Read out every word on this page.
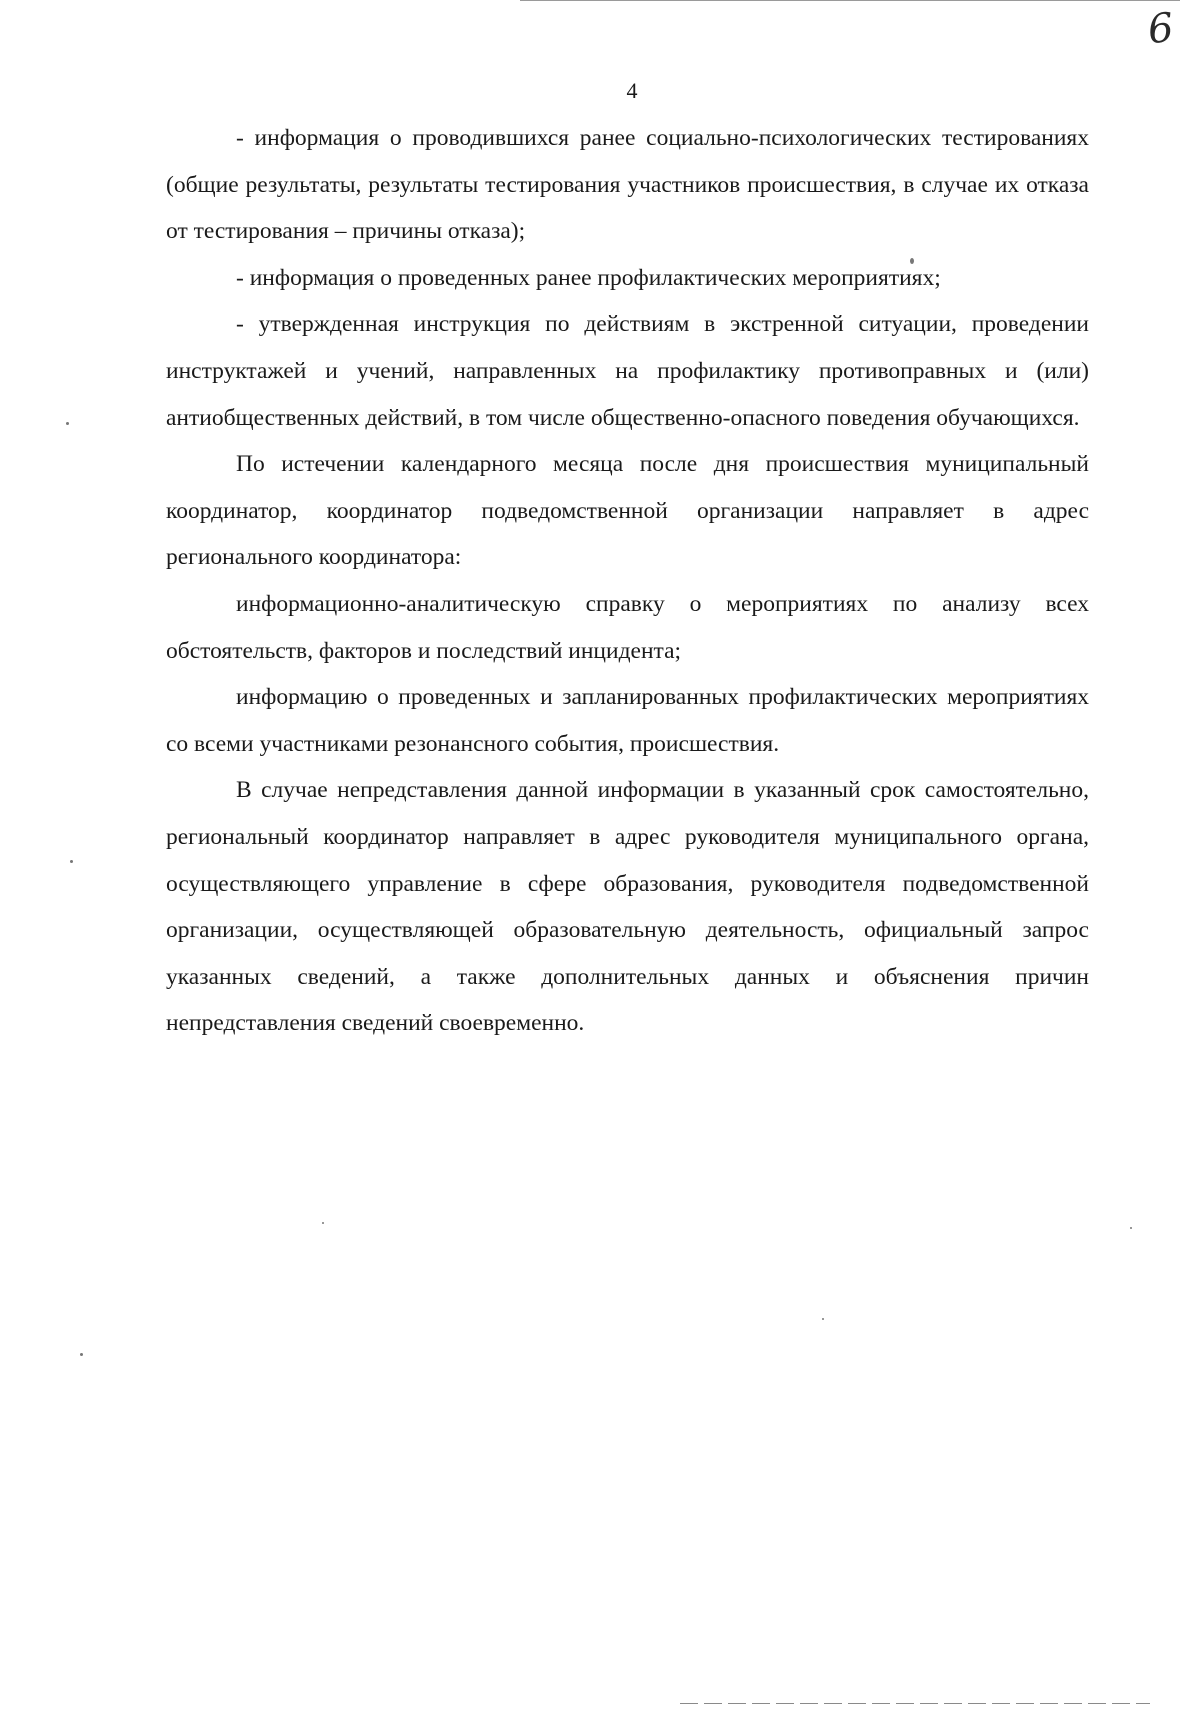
6
4

- информация о проводившихся ранее социально-психологических тестированиях (общие результаты, результаты тестирования участников происшествия, в случае их отказа от тестирования – причины отказа);

- информация о проведенных ранее профилактических мероприятиях;

- утвержденная инструкция по действиям в экстренной ситуации, проведении инструктажей и учений, направленных на профилактику противоправных и (или) антиобщественных действий, в том числе общественно-опасного поведения обучающихся.

По истечении календарного месяца после дня происшествия муниципальный координатор, координатор подведомственной организации направляет в адрес регионального координатора:

информационно-аналитическую справку о мероприятиях по анализу всех обстоятельств, факторов и последствий инцидента;

информацию о проведенных и запланированных профилактических мероприятиях со всеми участниками резонансного события, происшествия.

В случае непредставления данной информации в указанный срок самостоятельно, региональный координатор направляет в адрес руководителя муниципального органа, осуществляющего управление в сфере образования, руководителя подведомственной организации, осуществляющей образовательную деятельность, официальный запрос указанных сведений, а также дополнительных данных и объяснения причин непредставления сведений своевременно.
